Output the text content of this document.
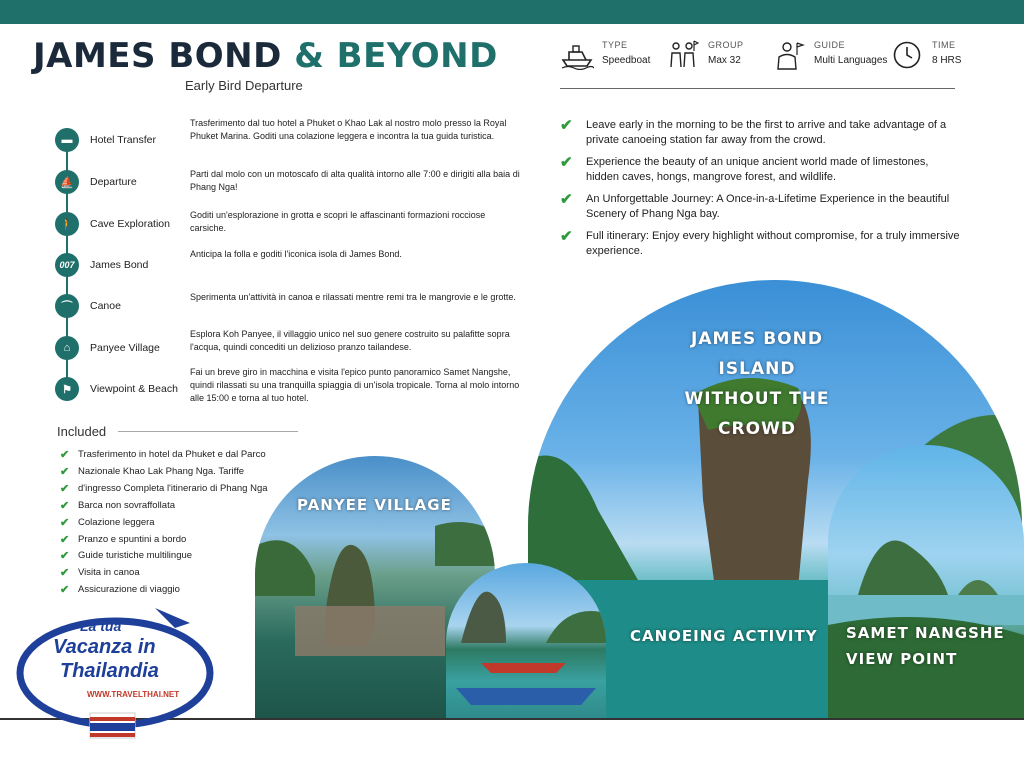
JAMES BOND & BEYOND
Early Bird Departure
TYPE
Speedboat
GROUP
Max 32
GUIDE
Multi Languages
TIME
8 HRS
▬	Hotel Transfer
Trasferimento dal tuo hotel a Phuket o Khao Lak al nostro molo presso la Royal Phuket Marina. Goditi una colazione leggera e incontra la tua guida turistica.
⛵	Departure
Parti dal molo con un motoscafo di alta qualità intorno alle 7:00 e dirigiti alla baia di Phang Nga!
🚶	Cave Exploration
Goditi un'esplorazione in grotta e scopri le affascinanti formazioni rocciose carsiche.
007	James Bond
Anticipa la folla e goditi l'iconica isola di James Bond.
⌒	Canoe
Sperimenta un'attività in canoa e rilassati mentre remi tra le mangrovie e le grotte.
⌂	Panyee Village
Esplora Koh Panyee, il villaggio unico nel suo genere costruito su palafitte sopra l'acqua, quindi concediti un delizioso pranzo tailandese.
⚑	Viewpoint & Beach
Fai un breve giro in macchina e visita l'epico punto panoramico Samet Nangshe, quindi rilassati su una tranquilla spiaggia di un'isola tropicale. Torna al molo intorno alle 15:00 e torna al tuo hotel.
Included
✔ Trasferimento in hotel da Phuket e dal Parco
✔ Nazionale Khao Lak Phang Nga. Tariffe
✔ d'ingresso Completa l'itinerario di Phang Nga
✔ Barca non sovraffollata
✔ Colazione leggera
✔ Pranzo e spuntini a bordo
✔ Guide turistiche multilingue
✔ Visita in canoa
✔ Assicurazione di viaggio
✔	Leave early in the morning to be the first to arrive and take advantage of a private canoeing station far away from the crowd.
✔	Experience the beauty of an unique ancient world made of limestones, hidden caves, hongs, mangrove forest, and wildlife.
✔	An Unforgettable Journey: A Once-in-a-Lifetime Experience in the beautiful Scenery of Phang Nga bay.
✔	Full itinerary: Enjoy every highlight without compromise, for a truly immersive experience.
JAMES BOND ISLAND
WITHOUT THE CROWD
SAMET NANGSHE
VIEW POINT
PANYEE VILLAGE
CANOEING ACTIVITY
La tua
Vacanza in
Thailandia
WWW.TRAVELTHAI.NET
